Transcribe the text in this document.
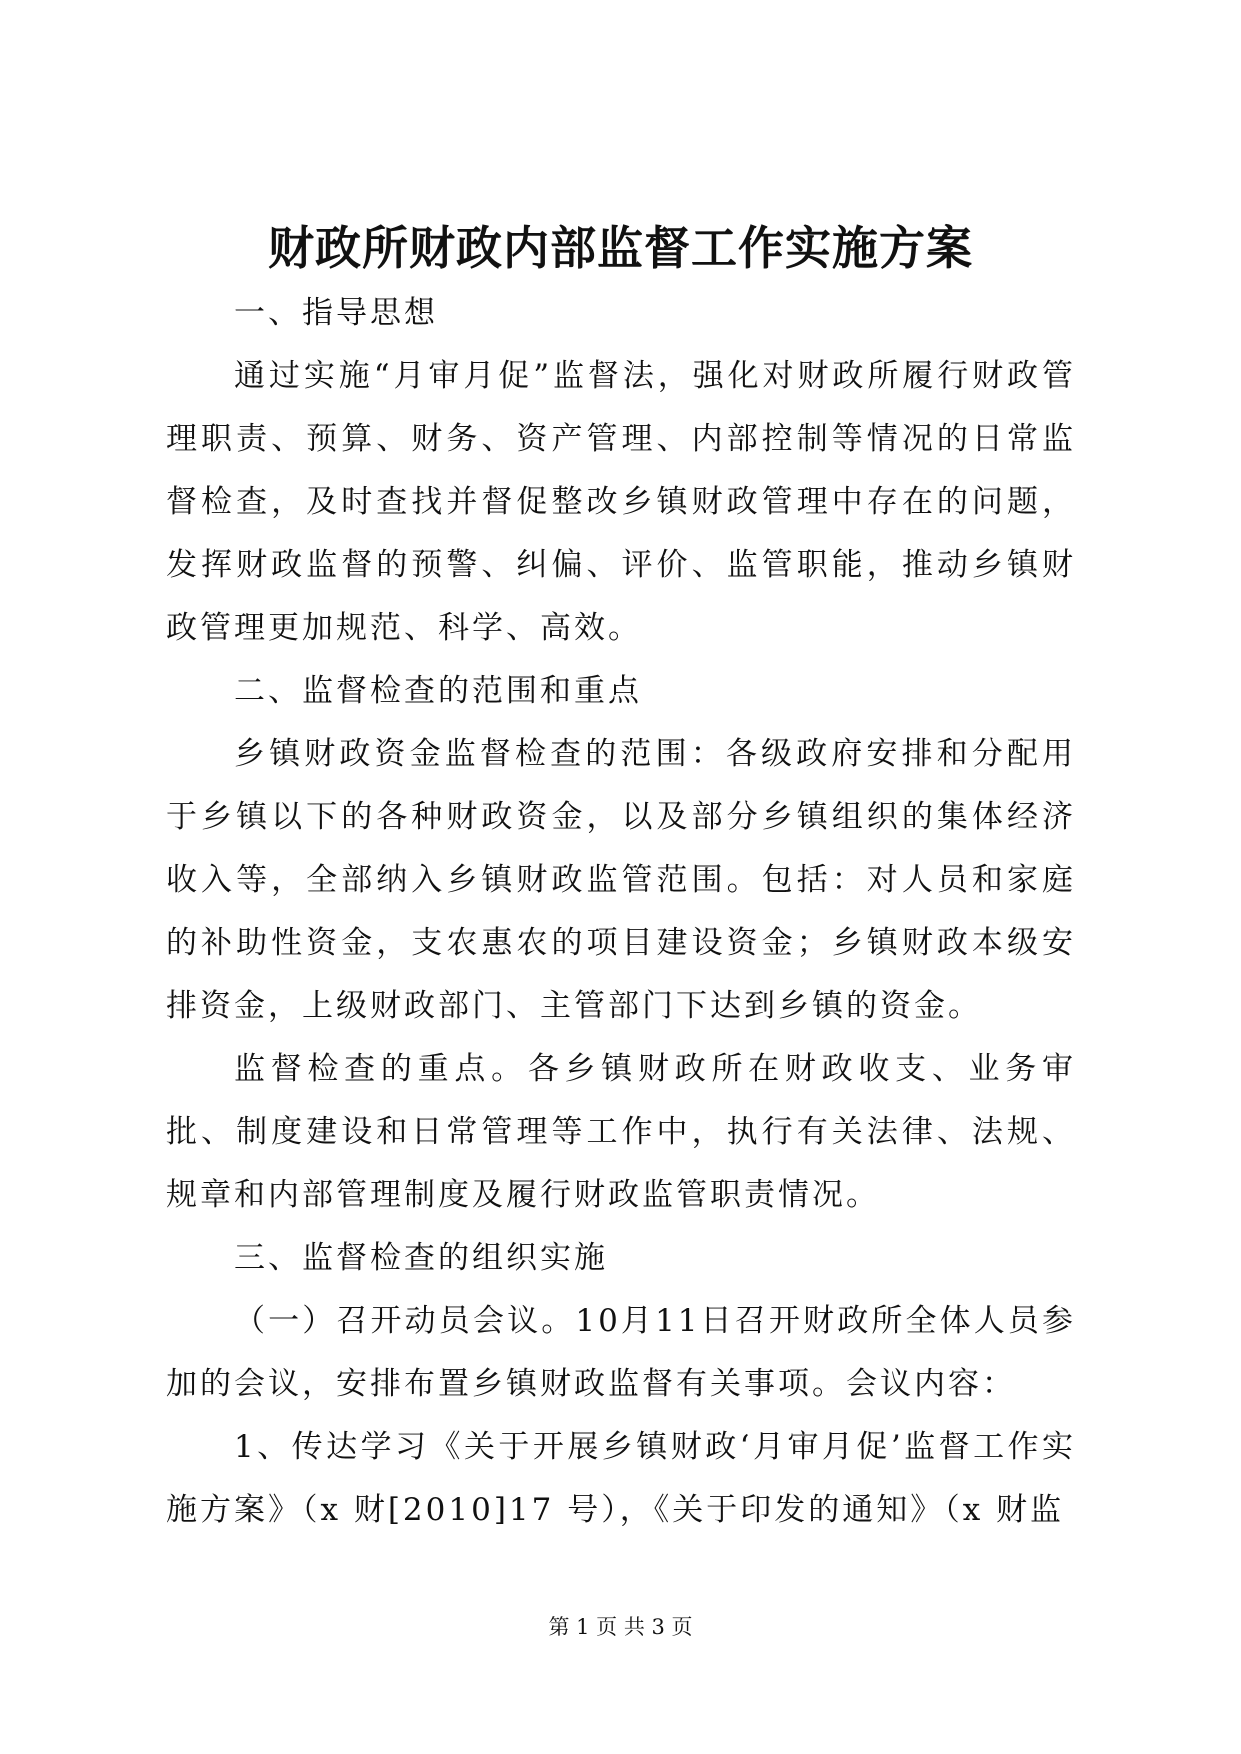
财政所财政内部监督工作实施方案

一、指导思想

通过实施“月审月促”监督法，强化对财政所履行财政管理职责、预算、财务、资产管理、内部控制等情况的日常监督检查，及时查找并督促整改乡镇财政管理中存在的问题，发挥财政监督的预警、纠偏、评价、监管职能，推动乡镇财政管理更加规范、科学、高效。

二、监督检查的范围和重点

乡镇财政资金监督检查的范围：各级政府安排和分配用于乡镇以下的各种财政资金，以及部分乡镇组织的集体经济收入等，全部纳入乡镇财政监管范围。包括：对人员和家庭的补助性资金，支农惠农的项目建设资金；乡镇财政本级安排资金，上级财政部门、主管部门下达到乡镇的资金。

监督检查的重点。各乡镇财政所在财政收支、业务审批、制度建设和日常管理等工作中，执行有关法律、法规、规章和内部管理制度及履行财政监管职责情况。

三、监督检查的组织实施

（一）召开动员会议。10月11日召开财政所全体人员参加的会议，安排布置乡镇财政监督有关事项。会议内容：

1、传达学习《关于开展乡镇财政‘月审月促’监督工作实施方案》（x 财[2010]17 号），《关于印发的通知》（x 财监

第 1 页 共 3 页
